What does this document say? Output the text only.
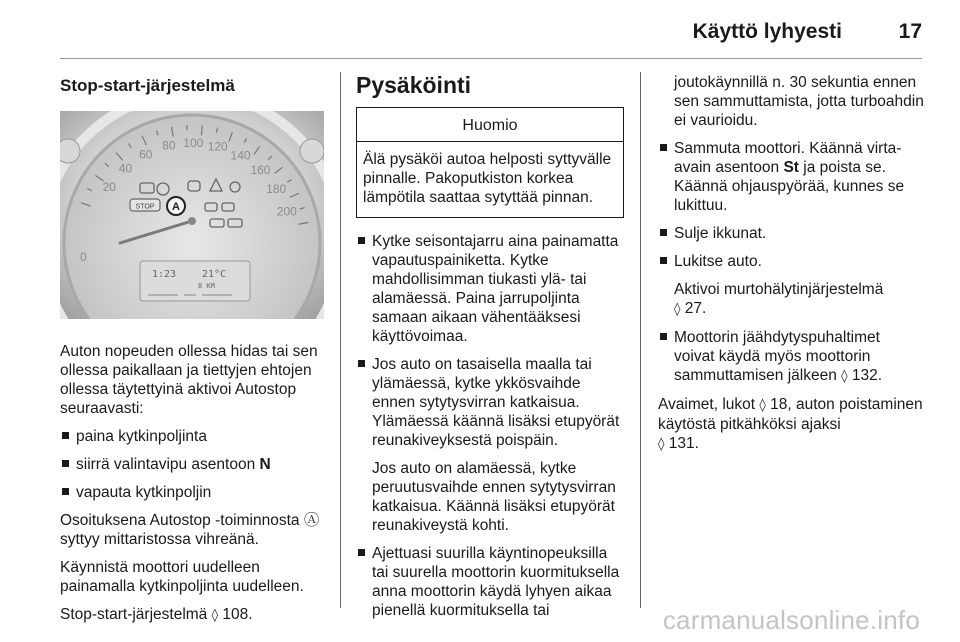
Käyttö lyhyesti	17
Stop-start-järjestelmä
20
40
60
80 100 120
140
160
180
200
0
STOP A
1:23	21°C
8 KM

Auton nopeuden ollessa hidas tai sen ollessa paikallaan ja tiettyjen ehtojen ollessa täytettyinä aktivoi Autostop seuraavasti:

paina kytkinpoljinta
siirrä valintavipu asentoon N
vapauta kytkinpoljin

Osoituksena Autostop -toiminnosta Ⓐ syttyy mittaristossa vihreänä.

Käynnistä moottori uudelleen painamalla kytkinpoljinta uudelleen.

Stop-start-järjestelmä ◊ 108.

Pysäköinti
Huomio
Älä pysäköi autoa helposti syttyvälle pinnalle. Pakoputkiston korkea lämpötila saattaa sytyttää pinnan.
Kytke seisontajarru aina painamatta vapautuspainiketta. Kytke mahdollisimman tiukasti ylä- tai alamäessä. Paina jarrupoljinta samaan aikaan vähentääksesi käyttövoimaa.
Jos auto on tasaisella maalla tai ylämäessä, kytke ykkösvaihde ennen sytytysvirran katkaisua. Ylämäessä käännä lisäksi etupyörät reunakiveyksestä poispäin.

Jos auto on alamäessä, kytke peruutusvaihde ennen sytytysvirran katkaisua. Käännä lisäksi etupyörät reunakiveystä kohti.

Ajettuasi suurilla käyntinopeuksilla tai suurella moottorin kuormituksella anna moottorin käydä lyhyen aikaa pienellä kuormituksella tai

joutokäynnillä n. 30 sekuntia ennen sen sammuttamista, jotta turboahdin ei vaurioidu.

Sammuta moottori. Käännä virta-avain asentoon St ja poista se. Käännä ohjauspyörää, kunnes se lukittuu.
Sulje ikkunat.
Lukitse auto.

Aktivoi murtohälytinjärjestelmä
◊ 27.

Moottorin jäähdytyspuhaltimet voivat käydä myös moottorin sammuttamisen jälkeen ◊ 132.

Avaimet, lukot ◊ 18, auton poistaminen käytöstä pitkähköksi ajaksi
◊ 131.

carmanualsonline.info
